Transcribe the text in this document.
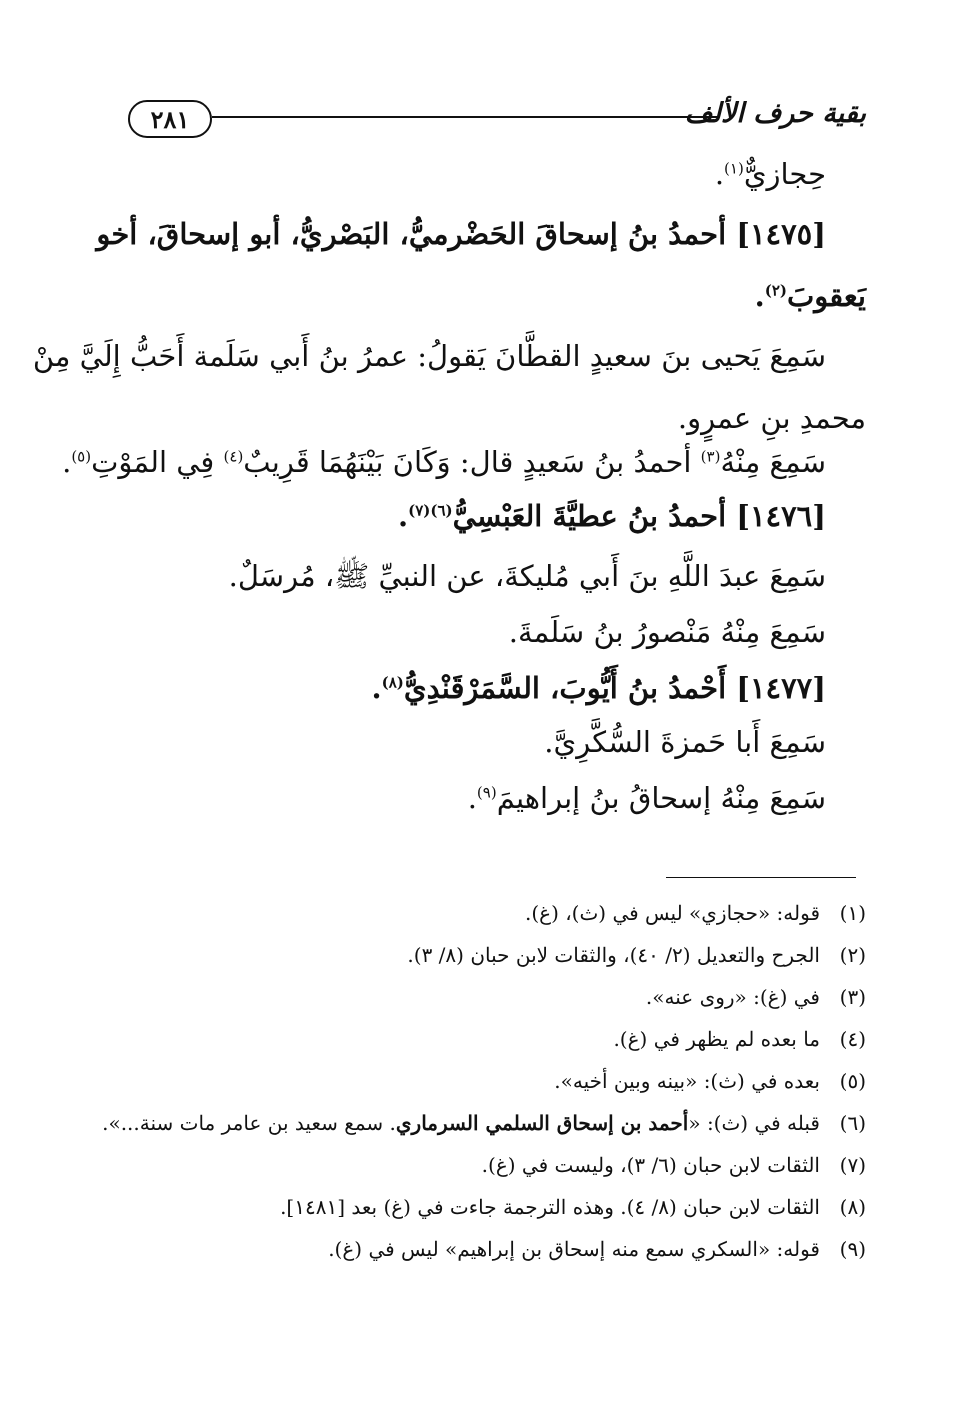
٢٨١	بقية حرف الألف
حِجازيٌّ$^{(١)}$.
[١٤٧٥] أحمدُ بنُ إسحاقَ الحَضْرميُّ، البَصْريُّ، أبو إسحاقَ، أخو
يَعقوبَ$^{(٢)}$.
سَمِعَ يَحيى بنَ سعيدٍ القطَّانَ يَقولُ: عمرُ بنُ أَبي سَلَمة أَحَبُّ إِلَيَّ مِنْ
محمدِ بنِ عمرٍو.
سَمِعَ مِنْهُ$^{(٣)}$ أحمدُ بنُ سَعيدٍ قال: وَكَانَ بَيْنَهُمَا قَرِيبٌ$^{(٤)}$ فِي المَوْتِ$^{(٥)}$.
[١٤٧٦] أحمدُ بنُ عطيَّةَ العَبْسِيُّ$^{(٦)(٧)}$.
سَمِعَ عبدَ اللَّهِ بنَ أَبي مُليكةَ، عن النبيِّ ﷺ، مُرسَلٌ.
سَمِعَ مِنْهُ مَنْصورُ بنُ سَلَمةَ.
[١٤٧٧] أَحْمدُ بنُ أَيُّوبَ، السَّمَرْقَنْدِيُّ$^{(٨)}$.
سَمِعَ أَبا حَمزةَ السُّكَّرِيَّ.
سَمِعَ مِنْهُ إسحاقُ بنُ إبراهيمَ$^{(٩)}$.
(١)قوله: «حجازي» ليس في (ث)، (غ).
(٢)الجرح والتعديل (٢/ ٤٠)، والثقات لابن حبان (٨/ ٣).
(٣)في (غ): «روى عنه».
(٤)ما بعده لم يظهر في (غ).
(٥)بعده في (ث): «بينه وبين أخيه».
(٦)قبله في (ث): «أحمد بن إسحاق السلمي السرماري. سمع سعيد بن عامر مات سنة...».
(٧)الثقات لابن حبان (٦/ ٣)، وليست في (غ).
(٨)الثقات لابن حبان (٨/ ٤). وهذه الترجمة جاءت في (غ) بعد [١٤٨١].
(٩)قوله: «السكري سمع منه إسحاق بن إبراهيم» ليس في (غ).
